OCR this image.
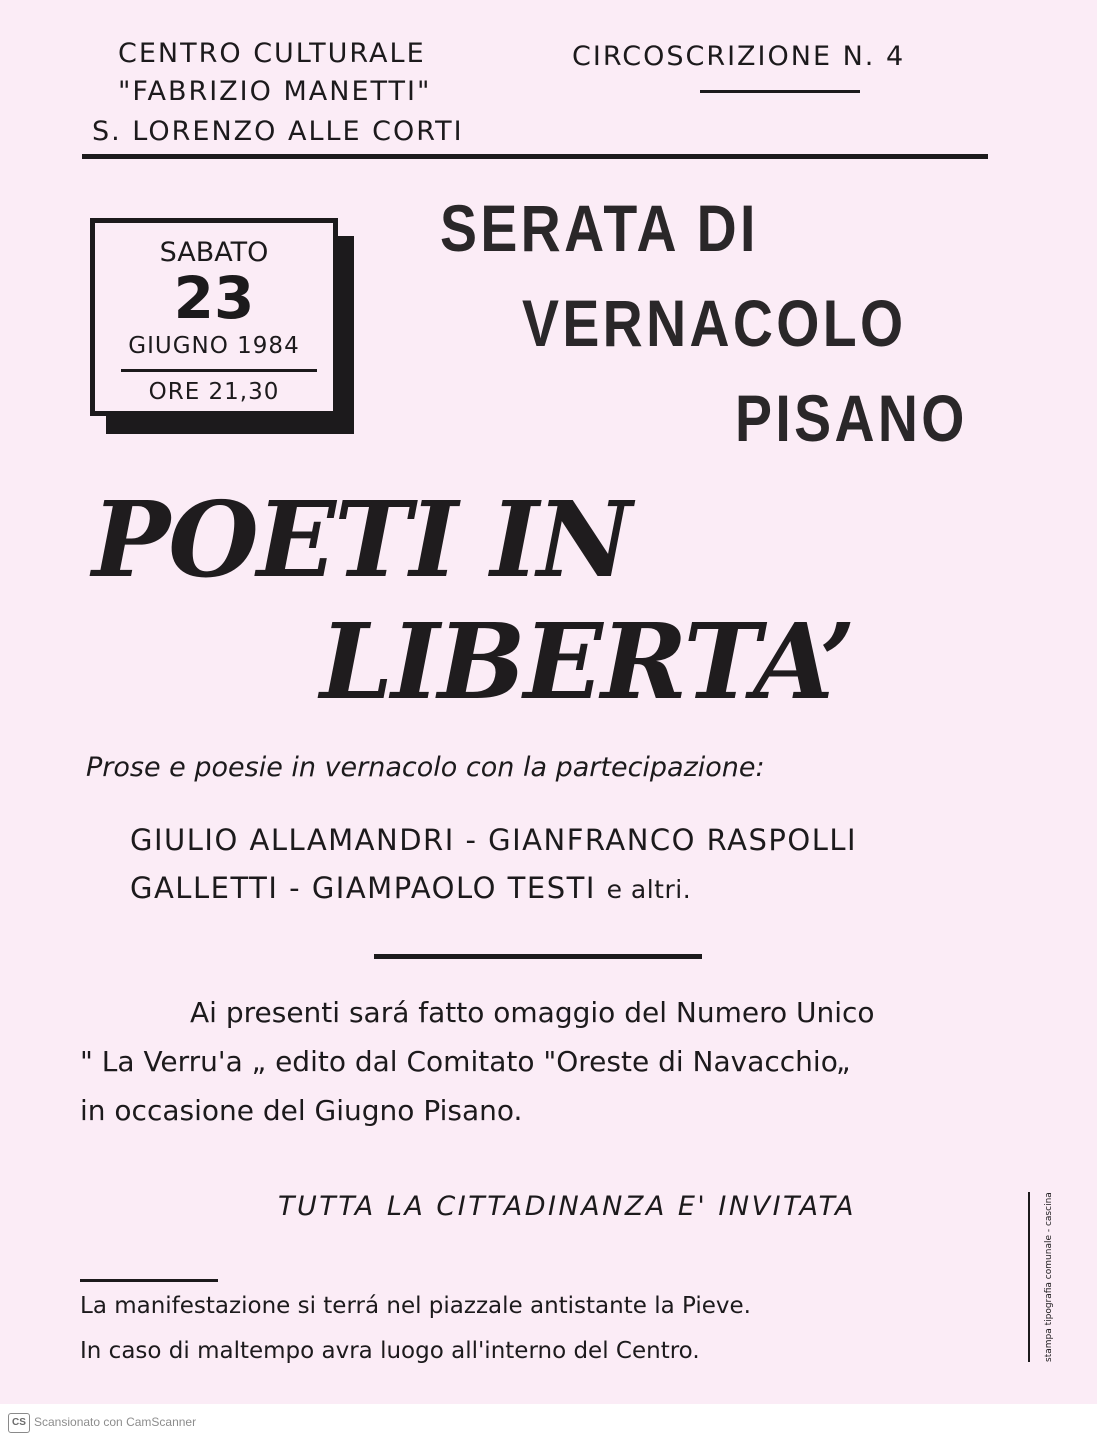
CENTRO CULTURALE
"FABRIZIO MANETTI"
S. LORENZO ALLE CORTI
CIRCOSCRIZIONE N. 4
SABATO
23
GIUGNO 1984
ORE 21,30
SERATA DI
VERNACOLO
PISANO
POETI IN
LIBERTA’
Prose e poesie in vernacolo con la partecipazione:
GIULIO ALLAMANDRI - GIANFRANCO RASPOLLI
GALLETTI - GIAMPAOLO TESTI e altri.
Ai presenti sará fatto omaggio del Numero Unico
" La Verru'a „ edito dal Comitato "Oreste di Navacchio„
in occasione del Giugno Pisano.
TUTTA LA CITTADINANZA E' INVITATA	stampa tipografia comunale - cascina
La manifestazione si terrá nel piazzale antistante la Pieve.
In caso di maltempo avra luogo all'interno del Centro.
CS Scansionato con CamScanner
